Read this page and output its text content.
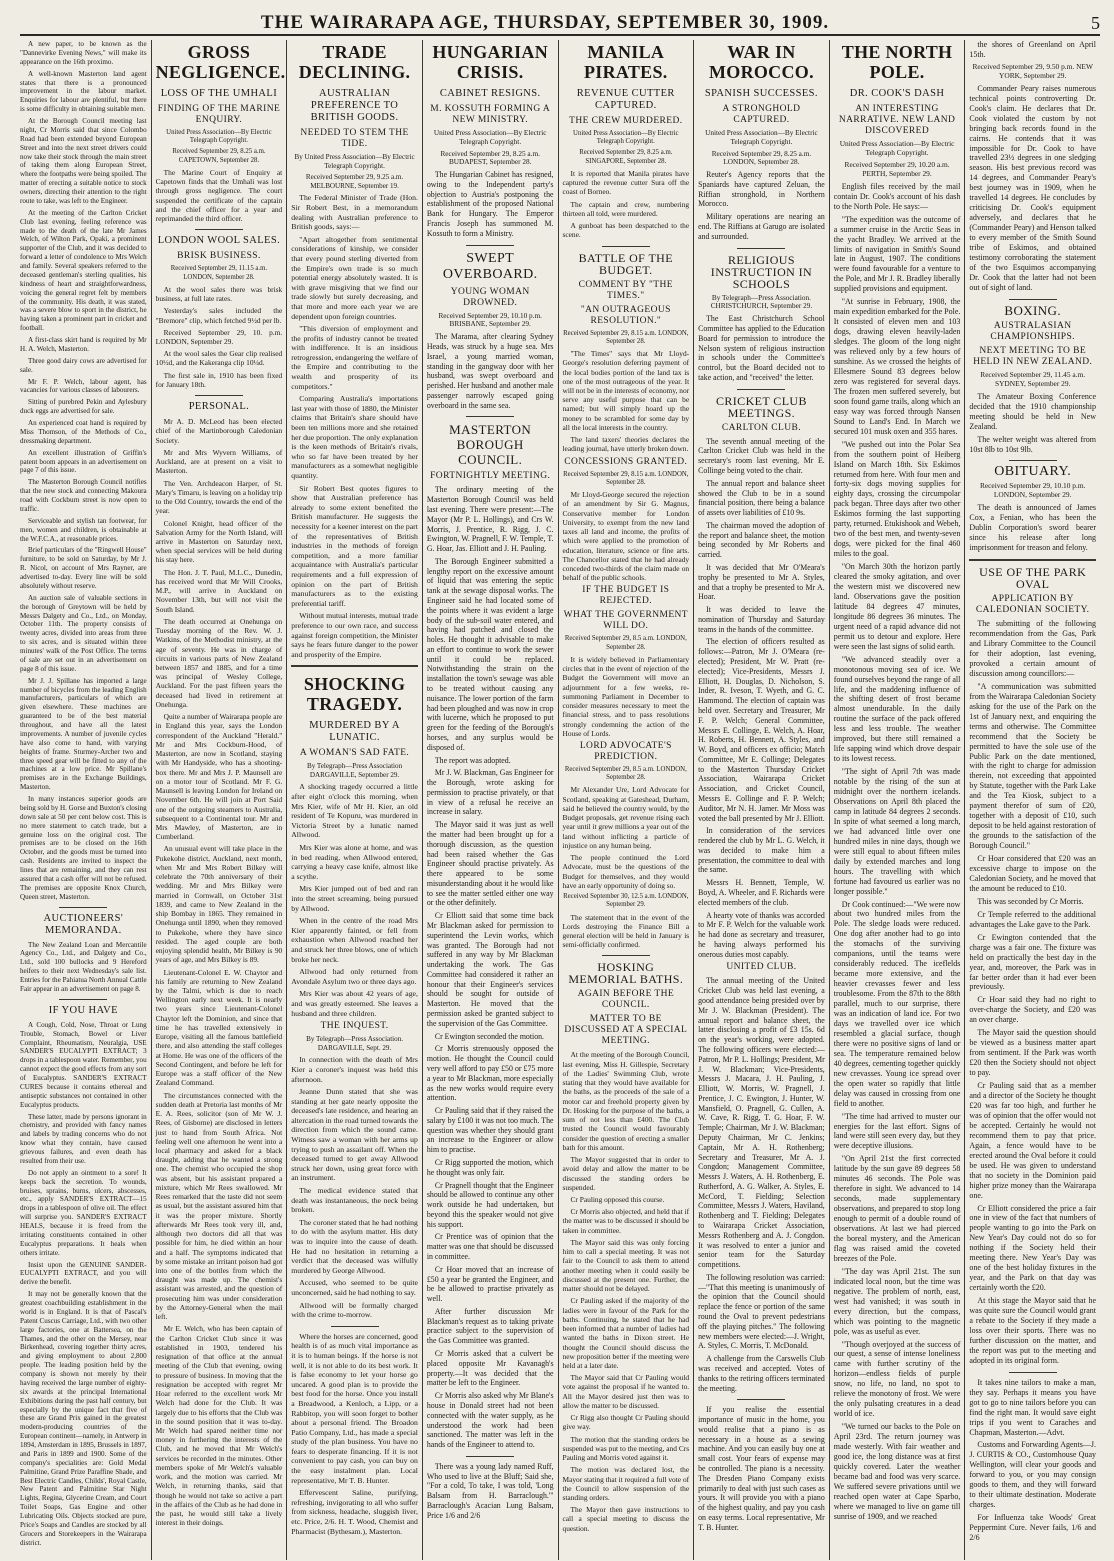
THE WAIRARAPA AGE, THURSDAY, SEPTEMBER 30, 1909.	5

A new paper, to be known as the "Dannevirke Evening News," will make its appearance on the 16th proximo.

A well-known Masterton land agent states that there is a pronounced improvement in the labour market. Enquiries for labour are plentiful, but there is some difficulty in obtaining suitable men.

At the Borough Council meeting last night, Cr Morris said that since Colombo Road had been extended beyond European Street and into the next street drivers could now take their stock through the main street of taking them along European Street, where the footpaths were being spoiled. The matter of erecting a suitable notice to stock owners, directing their attention to the right route to take, was left to the Engineer.

At the meeting of the Carlton Cricket Club last evening, feeling reference was made to the death of the late Mr James Welch, of Wilton Park, Opaki, a prominent supporter of the Club, and it was decided to forward a letter of condolence to Mrs Welch and family. Several speakers referred to the deceased gentleman's sterling qualities, his kindness of heart and straightforwardness, voicing the general regret felt by members of the community. His death, it was stated, was a severe blow to sport in the district, he having taken a prominent part in cricket and football.

A first-class skirt hand is required by Mr H. A. Welch, Masterton.

Three good dairy cows are advertised for sale.

Mr F. P. Welch, labour agent, has vacancies for various classes of labourers.

Sitting of purebred Pekin and Aylesbury duck eggs are advertised for sale.

An experienced coat hand is required by Miss Thomson, of the Methods of Co., dressmaking department.

An excellent illustration of Griffin's patent boom appears in an advertisement on page 7 of this issue.

The Masterton Borough Council notifies that the new stock and connecting Makoura road with Cockburn street is now open to traffic.

Serviceable and stylish tan footwear, for men, women and children, is obtainable at the W.F.C.A., at reasonable prices.

Brief particulars of the "Ringwell House" furniture, to be sold on Saturday, by Mr J. R. Nicol, on account of Mrs Rayner, are advertised to-day. Every line will be sold absolutely without reserve.

An auction sale of valuable sections in the borough of Greytown will be held by Messrs Dalgety and Co., Ltd., on Monday, October 11th. The property consists of twenty acres, divided into areas from three to six acres, and is situated within three minutes' walk of the Post Office. The terms of sale are set out in an advertisement on page 8 of this issue.

Mr J. J. Spillane has imported a large number of bicycles from the leading English manufacturers, particulars of which are given elsewhere. These machines are guaranteed to be of the best material throughout, and have all the latest improvements. A number of juvenile cycles have also come to hand, with varying heights of frame. Sturmey-Archer two and three speed gear will be fitted to any of the machines at a low price. Mr Spillane's premises are in the Exchange Buildings, Masterton.

In many instances superior goods are being sold by H. Gorse and Buxton's closing down sale at 50 per cent below cost. This is no mere statement to catch trade, but a genuine loss on the original cost. The premises are to be closed on the 16th October, and the goods must be turned into cash. Residents are invited to inspect the lines that are remaining, and they can rest assured that a cash offer will not be refused. The premises are opposite Knox Church, Queen street, Masterton.

AUCTIONEERS' MEMORANDA.

The New Zealand Loan and Mercantile Agency Co., Ltd., and Dalgety and Co., Ltd., sold 100 bullocks and 9 Hereford heifers to their next Wednesday's sale list. Entries for the Pahiatua North Annual Cattle Fair appear in an advertisement on page 8.

IF YOU HAVE

A Cough, Cold, Nose, Throat or Lung Trouble, Stomach, Bowel or Liver Complaint, Rheumatism, Neuralgia, USE SANDER'S EUCALYPTI EXTRACT; 3 drops in a tablespoon water. Remember, you cannot expect the good effects from any sort of Eucalyptus. SANDER'S EXTRACT CURES because it contains ethereal and antiseptic substances not contained in other Eucalyptus products.

These latter, made by persons ignorant in chemistry, and provided with fancy names and labels by trading concerns who do not know what they contain, have caused grievous failures, and even death has resulted from their use.

Do not apply an ointment to a sore! It keeps back the secretion. To wounds, bruises, sprains, burns, ulcers, abscesses, etc., apply SANDER'S EXTRACT—15 drops in a tablespoon of olive oil. The effect will surprise you. SANDER'S EXTRACT HEALS, because it is freed from the irritating constituents contained in other Eucalyptus preparations. It heals when others irritate.

Insist upon the GENUINE SANDER-EUCALYPTI EXTRACT, and you will derive the benefit.

It may not be generally known that the greatest coachbuilding establishment in the world is in England. It is that of Pascal's Patent Cuscus Carriage, Ltd., with two other large factories, one at Battersea, on the Thames, and the other on the Mersey, near Birkenhead, covering together thirty acres, and giving employment to about 2,800 people. The leading position held by the company is shown not merely by their having received the large number of eighty-six awards at the principal International Exhibitions during the past half century, but especially by the unique fact that five of these are Grand Prix gained in the greatest modern-producing countries of the European continent—namely, in Antwerp in 1894, Amsterdam in 1895, Brussels in 1897, and Paris in 1899 and 1900. Some of the company's specialities are: Gold Medal Palmitine, Grand Prize Paraffine Shade, and Best Electric Candles, Childs', Royal Castle, New Patent and Palmitine Star Night Lights, Regina, Glycerine Cream, and Court Toilet Soaps, Gas Engine and other Lubricating Oils. Objects stocked are pure, Price's Soaps and Candles are stocked by all Grocers and Storekeepers in the Wairarapa district.

GROSS NEGLIGENCE.
LOSS OF THE UMHALI
FINDING OF THE MARINE ENQUIRY.

United Press Association—By Electric Telegraph Copyright.

Received September 29, 8.25 a.m. CAPETOWN, September 28.

The Marine Court of Enquiry at Capetown finds that the Umhali was lost through gross negligence. The court suspended the certificate of the captain and the chief officer for a year and reprimanded the third officer.

LONDON WOOL SALES.
BRISK BUSINESS.

Received September 29, 11.15 a.m. LONDON, September 28.

At the wool sales there was brisk business, at full late rates.

Yesterday's sales included the "Bremore" clip, which fetched 9½d per lb.

Received September 29, 10. p.m. LONDON, September 29.

At the wool sales the Gear clip realised 10½d, and the Kakeranga clip 10¼d.

The first sale in, 1910 has been fixed for January 18th.

PERSONAL.

Mr A. D. McLeod has been elected chief of the Martinborough Caledonian Society.

Mr and Mrs Wyvern Williams, of Auckland, are at present on a visit to Masterton.

The Ven. Archdeacon Harper, of St. Mary's Timaru, is leaving on a holiday trip to the Old Country, towards the end of the year.

Colonel Knight, head officer of the Salvation Army for the North Island, will arrive in Masterton on Saturday next, when special services will be held during his stay here.

The Hon. J. T. Paul, M.L.C., Dunedin, has received word that Mr Will Crooks, M.P., will arrive in Auckland on November 13th, but will not visit the South Island.

The death occurred at Onehunga on Tuesday morning of the Rev. W. J. Watkins, of the Methodist ministry, at the age of seventy. He was in charge of circuits in various parts of New Zealand between 1857 and 1885, and for a time was principal of Wesley College, Auckland. For the past fifteen years the deceased had lived in retirement at Onehunga.

Quite a number of Wairarapa people are in England this year, says the London correspondent of the Auckland "Herald." Mr and Mrs Cockburn-Hood, of Masterton, are now in Scotland, staying with Mr Handyside, who has a shooting-box there. Mr and Mrs J. P. Maunsell are on a motor tour of Scotland. Mr F. G. Maunsell is leaving London for Ireland on November 6th. He will join at Port Said one of the outgoing steamers to Australia, subsequent to a Continental tour. Mr and Mrs Mawley, of Masterton, are in Cumberland.

An unusual event will take place in the Pukekohe district, Auckland, next month, when Mr and Mrs Robert Bilkey will celebrate the 70th anniversary of their wedding. Mr and Mrs Bilkey were married in Cornwall, on October 31st 1839, and came to New Zealand in the ship Bombay in 1865. They remained in Onehunga until 1890, when they removed to Pukekohe, where they have since resided. The aged couple are both enjoying splendid health, Mr Bilkey is 90 years of age, and Mrs Bilkey is 89.

Lieutenant-Colonel E. W. Chaytor and his family are returning to New Zealand by the Talmi, which is due to reach Wellington early next week. It is nearly two years since Lieutenant-Colonel Chaytor left the Dominion, and since that time he has travelled extensively in Europe, visiting all the famous battlefield there, and also attending the staff colleges at Home. He was one of the officers of the Second Contingent, and before he left for Europe was a staff officer of the New Zealand Command.

The circumstances connected with the sudden death at Pretoria last months of Mr E. A. Rees, solicitor (son of Mr W. J. Rees, of Gisborne) are disclosed in letters just to hand from South Africa. Not feeling well one afternoon he went into a local pharmacy and asked for a black draught, adding that he wanted a strong one. The chemist who occupied the shop was absent, but his assistant prepared a mixture, which Mr Rees swallowed. Mr Rees remarked that the taste did not seem as usual, but the assistant assured him that it was the proper mixture. Shortly afterwards Mr Rees took very ill, and, although two doctors did all that was possible for him, he died within an hour and a half. The symptoms indicated that by some mistake an irritant poison had got into one of the bottles from which the draught was made up. The chemist's assistant was arrested, and the question of prosecuting him was under consideration by the Attorney-General when the mail left.

Mr E. Welch, who has been captain of the Carlton Cricket Club since it was established in 1903, tendered his resignation of that office at the annual meeting of the Club that evening, owing to pressure of business. In moving that the resignation be accepted with regret Mr Hoar referred to the excellent work Mr Welch had done for the Club. It was largely due to his efforts that the Club was in the sound position that it was to-day. Mr Welch had spared neither time nor money in furthering the interests of the Club, and he moved that Mr Welch's services be recorded in the minutes. Other members spoke of Mr Welch's valuable work, and the motion was carried. Mr Welch, in returning thanks, said that though he would not take so active a part in the affairs of the Club as he had done in the past, he would still take a lively interest in their doings.

TRADE DECLINING.
AUSTRALIAN PREFERENCE TO BRITISH GOODS.
NEEDED TO STEM THE TIDE.

By United Press Association—By Electric Telegraph Copyright.

Received September 29, 9.25 a.m. MELBOURNE, September 19.

The Federal Minister of Trade (Hon. Sir Robert Best, in a memorandum dealing with Australian preference to British goods, says:—

"Apart altogether from sentimental considerations of kinship, we consider that every pound sterling diverted from the Empire's own trade is so much potential energy absolutely wasted. It is with grave misgiving that we find our trade slowly but surely decreasing, and that more and more each year we are dependent upon foreign countries.

"This diversion of employment and the profits of industry cannot be treated with indifference. It is an insidious retrogression, endangering the welfare of the Empire and contributing to the wealth and prosperity of its competitors."

Comparing Australia's importations last year with those of 1880, the Minister claims that Britain's share should have been ten millions more and she retained her due proportion. The only explanation is the keen methods of Britain's rivals, who so far have been treated by her manufacturers as a somewhat negligible quantity.

Sir Robert Best quotes figures to show that Australian preference has already to some extent benefited the British manufacturer. He suggests the necessity for a keener interest on the part of the representatives of British industries in the methods of foreign competition, and a more familiar acquaintance with Australia's particular requirements and a full expression of opinion on the part of British manufacturers as to the existing preferential tariff.

Without mutual interests, mutual trade preference to our own race, and success against foreign competition, the Minister says he fears future danger to the power and prosperity of the Empire.

SHOCKING TRAGEDY.
MURDERED BY A LUNATIC.
A WOMAN'S SAD FATE.

By Telegraph—Press Association DARGAVILLE, September 29.

A shocking tragedy occurred a little after eight o'clock this morning, when Mrs Kier, wife of Mr H. Kier, an old resident of Te Kopuru, was murdered in Victoria Street by a lunatic named Allwood.

Mrs Kier was alone at home, and was in bed reading, when Allwood entered, carrying a heavy case knife, almost like a scythe.

Mrs Kier jumped out of bed and ran into the street screaming, being pursued by Allwood.

When in the centre of the road Mrs Kier apparently fainted, or fell from exhaustion when Allwood reached her and struck her three blows, one of which broke her neck.

Allwood had only returned from Avondale Asylum two or three days ago.

Mrs Kier was about 42 years of age, and was greatly esteemed. She leaves a husband and three children.

THE INQUEST.

By Telegraph—Press Association. DARGAVILLE, Sept. 29.

In connection with the death of Mrs Kier a coroner's inquest was held this afternoon.

Jeanne Dunn stated that she was standing at her gate nearly opposite the deceased's late residence, and hearing an altercation in the road turned towards the direction from which the sound came. Witness saw a woman with her arms up trying to push an assailant off. When the deceased turned to get away Allwood struck her down, using great force with an instrument.

The medical evidence stated that death was instantaneous, the neck being broken.

The coroner stated that he had nothing to do with the asylum matter. His duty was to inquire into the cause of death. He had no hesitation in returning a verdict that the deceased was wilfully murdered by George Allwood.

Accused, who seemed to be quite unconcerned, said he had nothing to say.

Allwood will be formally charged with the crime to-morrow.

Where the horses are concerned, good health is of as much vital importance as it is to human beings. If the horse is not well, it is not able to do its best work. It is false economy to let your horse go uncared. A good plan is to provide the best food for the horse. Once you install a Breadwood, a Kenloch, a Lipp, or a Rabbitop, you will soon forget to bother about a personal friend. The Broadon Patio Company, Ltd., has made a special study of the plan business. You have no fears to desperate financing. If it is not convenient to pay cash, you can buy on the easy instalment plan. Local representative, Mr T. B. Hunter.

Effervescent Saline, purifying, refreshing, invigorating to all who suffer from sickness, headache, sluggish liver, etc. Price, 2/6. H. T. Wood, Chemist and Pharmacist (Bythesam.), Masterton.

HUNGARIAN CRISIS.
CABINET RESIGNS.
M. KOSSUTH FORMING A NEW MINISTRY.

United Press Association—By Electric Telegraph Copyright.

Received September 29, 8.25 a.m. BUDAPEST, September 28.

The Hungarian Cabinet has resigned, owing to the Independent party's objection to Austria's postponing the establishment of the proposed National Bank for Hungary. The Emperor Francis Joseph has summoned M. Kossuth to form a Ministry.

SWEPT OVERBOARD.
YOUNG WOMAN DROWNED.

Received September 29, 10.10 p.m. BRISBANE, September 29.

The Marama, after clearing Sydney Heads, was struck by a huge sea. Mrs Israel, a young married woman, standing in the gangway door with her husband, was swept overboard and perished. Her husband and another male passenger narrowly escaped going overboard in the same sea.

MASTERTON BOROUGH COUNCIL.
FORTNIGHTLY MEETING.

The ordinary meeting of the Masterton Borough Council was held last evening. There were present:—The Mayor (Mr P. L. Hollings), and Crs W. Morris, J. Prentice, R. Rigg, J. C. Ewington, W. Pragnell, F. W. Temple, T. G. Hoar, Jas. Elliott and J. H. Pauling.

The Borough Engineer submitted a lengthy report on the excessive amount of liquid that was entering the septic tank at the sewage disposal works. The Engineer said he had located some of the points where it was evident a large body of the sub-soil water entered, and having had patched and closed the holes. He thought it advisable to make an effort to continue to work the sewer until it could be replaced. Notwithstanding the strain on the installation the town's sewage was able to be treated without causing any nuisance. The lower portion of the farm had been ploughed and was now in crop with lucerne, which he proposed to put green for the feeding of the Borough's horses, and any surplus would be disposed of.

The report was adopted.

Mr J. W. Blackman, Gas Engineer for the Borough, wrote asking for permission to practise privately, or that in view of a refusal he receive an increase in salary.

The Mayor said it was just as well the matter had been brought up for a thorough discussion, as the question had been raised whether the Gas Engineer should practise privately. As there appeared to be some misunderstanding about it he would like to see the matter settled either one way or the other definitely.

Cr Elliott said that some time back Mr Blackman asked for permission to superintend the Levin works, which was granted. The Borough had not suffered in any way by Mr Blackman undertaking the work. The Gas Committee had considered it rather an honour that their Engineer's services should be sought for outside of Masterton. He moved that the permission asked be granted subject to the supervision of the Gas Committee.

Cr Ewington seconded the motion.

Cr Morris strenuously opposed the motion. He thought the Council could very well afford to pay £50 or £75 more a year to Mr Blackman, more especially as the new works would require every attention.

Cr Pauling said that if they raised the salary by £100 it was not too much. The question was whether they should grant an increase to the Engineer or allow him to practise.

Cr Rigg supported the motion, which he thought was only fair.

Cr Pragnell thought that the Engineer should be allowed to continue any other work outside he had undertaken, but beyond this the speaker would not give his support.

Cr Prentice was of opinion that the matter was one that should be discussed in committee.

Cr Hoar moved that an increase of £50 a year be granted the Engineer, and be be allowed to practise privately as well.

After further discussion Mr Blackman's request as to taking private practice subject to the supervision of the Gas Committee was granted.

Cr Morris asked that a culvert be placed opposite Mr Kavanagh's property.—It was decided that the matter be left to the Engineer.

Cr Morris also asked why Mr Blane's house in Donald street had not been connected with the water supply, as he understood the work had been sanctioned. The matter was left in the hands of the Engineer to attend to.

There was a young lady named Ruff, Who used to live at the Bluff; Said she, "For a cold, To take, I was told, 'Long Balsam from H. Barraclough.'" Barraclough's Acacian Lung Balsam, Price 1/6 and 2/6

MANILA PIRATES.
REVENUE CUTTER CAPTURED.
THE CREW MURDERED.

United Press Association—By Electric Telegraph Copyright.

Received September 29, 8.25 a.m. SINGAPORE, September 28.

It is reported that Manila pirates have captured the revenue cutter Sura off the coast of Borneo.

The captain and crew, numbering thirteen all told, were murdered.

A gunboat has been despatched to the scene.

BATTLE OF THE BUDGET.
COMMENT BY "THE TIMES."
"AN OUTRAGEOUS RESOLUTION."

Received September 29, 8.15 a.m. LONDON, September 28.

"The Times" says that Mr Lloyd-George's resolution deferring payment of the local bodies portion of the land tax is one of the most outrageous of the year. It will not be in the interests of economy, nor serve any useful purpose that can be named; but will simply hoard up the money to be scrambled for some day by all the local interests in the country.

The land taxers' theories declares the leading journal, have utterly broken down.

CONCESSIONS GRANTED.

Received September 29, 8.15 a.m. LONDON, September 28.

Mr Lloyd-George secured the rejection of an amendment by Sir G. Magnus, Conservative member for London University, to exempt from the new land taxes all land and income, the profits of which were applied to the promotion of education, literature, science or fine arts. The Chancellor stated that he had already conceded two-thirds of the claim made on behalf of the public schools.

IF THE BUDGET IS REJECTED.
WHAT THE GOVERNMENT WILL DO.

Received September 29, 8.5 a.m. LONDON, September 28.

It is widely believed in Parliamentary circles that in the event of rejection of the Budget the Government will move an adjournment for a few weeks, re-summoning Parliament in December to consider measures necessary to meet the financial stress, and to pass resolutions strongly condemning the action of the House of Lords.

LORD ADVOCATE'S PREDICTION.

Received September 29, 8.5 a.m. LONDON, September 28.

Mr Alexander Ure, Lord Advocate for Scotland, speaking at Gateshead, Durham, said he believed the country would, by the Budget proposals, get revenue rising each year until it grew millions a year out of the land without inflicting a particle of injustice on any human being.

The people continued the Lord Advocate, must be the questions of the Budget for themselves, and they would have an early opportunity of doing so.

Received September 30, 12.5 a.m. LONDON, September 29.

The statement that in the event of the Lords destroying the Finance Bill a general election will be held in January is semi-officially confirmed.

HOSKING MEMORIAL BATHS.
AGAIN BEFORE THE COUNCIL.
MATTER TO BE DISCUSSED AT A SPECIAL MEETING.

At the meeting of the Borough Council, last evening, Miss H. Gillespie, Secretary of the Ladies' Swimming Club, wrote stating that they would have available for the baths, as the proceeds of the sale of a motor car and freehold property given by Dr. Hosking for the purpose of the baths, a sum of not less than £400. The Club trusted the Council would favourably consider the question of erecting a smaller bath for this amount.

The Mayor suggested that in order to avoid delay and allow the matter to be discussed the standing orders be suspended.

Cr Pauling opposed this course.

Cr Morris also objected, and held that if the matter was to be discussed it should be taken in committee.

The Mayor said this was only forcing him to call a special meeting. It was not fair to the Council to ask them to attend another meeting when it could easily be discussed at the present one. Further, the matter should not be delayed.

Cr Pauling asked if the majority of the ladies were in favour of the Park for the baths. Continuing, he stated that he had been informed that a number of ladies had wanted the baths in Dixon street. He thought the Council should discuss the new proposition better if the meeting were held at a later date.

The Mayor said that Cr Pauling would vote against the proposal if he wanted to. All the Mayor desired just then was to allow the matter to be discussed.

Cr Rigg also thought Cr Pauling should give way.

The motion that the standing orders be suspended was put to the meeting, and Crs Pauling and Morris voted against it.

The motion was declared lost, the Mayor stating that it required a full vote of the Council to allow suspension of the standing orders.

The Mayor then gave instructions to call a special meeting to discuss the question.

WAR IN MOROCCO.
SPANISH SUCCESSES.
A STRONGHOLD CAPTURED.

United Press Association—By Electric Telegraph Copyright.

Received September 29, 8.25 a.m. LONDON, September 28.

Reuter's Agency reports that the Spaniards have captured Zeluan, the Riffian stronghold, in Northern Morocco.

Military operations are nearing an end. The Riffians at Garugo are isolated and surrounded.

RELIGIOUS INSTRUCTION IN SCHOOLS

By Telegraph—Press Association. CHRISTCHURCH, September 29.

The East Christchurch School Committee has applied to the Education Board for permission to introduce the Nelson system of religious instruction in schools under the Committee's control, but the Board decided not to take action, and "received" the letter.

CRICKET CLUB MEETINGS.
CARLTON CLUB.

The seventh annual meeting of the Carlton Cricket Club was held in the secretary's room last evening, Mr E. Collinge being voted to the chair.

The annual report and balance sheet showed the Club to be in a sound financial position, there being a balance of assets over liabilities of £10 9s.

The chairman moved the adoption of the report and balance sheet, the motion being seconded by Mr Roberts and carried.

It was decided that Mr O'Meara's trophy be presented to Mr A. Styles, and that a trophy be presented to Mr A. Hoar.

It was decided to leave the nomination of Thursday and Saturday teams in the hands of the committee.

The election of officers resulted as follows:—Patron, Mr J. O'Meara (re-elected); President, Mr W. Pratt (re-elected); Vice-Presidents, Messrs J. Elliott, H. Douglas, D. Nicholson, S. Inder, R. Iveson, T. Wyeth, and G. C. Hammond. The election of captain was held over. Secretary and Treasurer, Mr F. P. Welch; General Committee, Messrs E. Collinge, E. Welch, A. Hoar, H. Roberts, H. Bennett, A. Styles, and W. Boyd, and officers ex officio; Match Committee, Mr E. Collinge; Delegates to the Masterton Thursday Cricket Association, Wairarapa Cricket Association, and Cricket Council, Messrs E. Collinge and F. P. Welch; Auditor, Mr N. H. Jamer. Mr Moss was voted the ball presented by Mr J. Elliott.

In consideration of the services rendered the club by Mr L. G. Welch, it was decided to make him a presentation, the committee to deal with the same.

Messrs H. Bennett, Temple, W. Boyd, A. Wheeler, and F. Richards were elected members of the club.

A hearty vote of thanks was accorded to Mr F. P. Welch for the valuable work he had done as secretary and treasurer, he having always performed his onerous duties most capably.

UNITED CLUB.

The annual meeting of the United Cricket Club was held last evening, a good attendance being presided over by Mr J. W. Blackman (President). The annual report and balance sheet, the latter disclosing a profit of £3 15s. 6d on the year's working, were adopted. The following officers were elected:—Patron, Mr P. L. Hollings; President, Mr J. W. Blackman; Vice-Presidents, Messrs J. Macara, J. H. Pauling, J. Elliott, W. Morris, W. Pragnell, J. Prentice, J. C. Ewington, J. Hunter, W. Mansfield, O. Pragnell, G. Cullen, A. W. Cave, R. Rigg, T. G. Hoar, F. W. Temple; Chairman, Mr J. W. Blackman; Deputy Chairman, Mr C. Jenkins; Captain, Mr A. H. Rothenberg; Secretary and Treasurer, Mr A. J. Congdon; Management Committee, Messrs J. Waters, A. H. Rothenberg, E. Rutherford, A. G. Walker, A. Styles, E. McCord, T. Fielding; Selection Committee, Messrs J. Waters, Haviland, Rothenberg and T. Fielding; Delegates to Wairarapa Cricket Association, Messrs Rothenberg and A. J. Congdon. It was resolved to enter a junior and senior team for the Saturday competitions.

The following resolution was carried:—"That this meeting is unanimously of the opinion that the Council should replace the fence or portion of the same round the Oval to prevent pedestrians off the playing pitches." The following new members were elected:—J. Wright, A. Styles, C. Morris, T. McDonald.

A challenge from the Carswells Club was received and accepted. Votes of thanks to the retiring officers terminated the meeting.

If you realise the essential importance of music in the home, you would realise that a piano is as necessary in a house as a sewing machine. And you can easily buy one at small cost. Your fears of expense may be controlled. The piano is a necessity. The Dresden Piano Company exists primarily to deal with just such cases as yours. It will provide you with a piano of the highest quality, and pay you cash on easy terms. Local representative, Mr T. B. Hunter.

THE NORTH POLE.
DR. COOK'S DASH
AN INTERESTING NARRATIVE. NEW LAND DISCOVERED

United Press Association—By Electric Telegraph Copyright.

Received September 29, 10.20 a.m. PERTH, September 29.

English files received by the mail contain Dr. Cook's account of his dash to the North Pole. He says:—

"The expedition was the outcome of a summer cruise in the Arctic Seas in the yacht Bradley. We arrived at the limits of navigation in Smith's Sound late in August, 1907. The conditions were found favourable for a venture to the Pole, and Mr J. R. Bradley liberally supplied provisions and equipment.

"At sunrise in February, 1908, the main expedition embarked for the Pole. It consisted of eleven men and 103 dogs, drawing eleven heavily-laden sledges. The gloom of the long night was relieved only by a few hours of sunshine. As we crossed the heights of Ellesmere Sound 83 degrees below zero was registered for several days. The frozen men suffered severely, but soon found game trails, along which an easy way was forced through Nansen Sound to Land's End. In March we secured 101 musk oxen and 355 hares.

"We pushed out into the Polar Sea from the southern point of Heiberg Island on March 18th. Six Eskimos returned from here. With four men and forty-six dogs moving supplies for eighty days, crossing the circumpolar pack began. Three days after two other Eskimos forming the last supporting party, returned. Etukishook and Webeh, two of the best men, and twenty-seven dogs, were picked for the final 460 miles to the goal.

"On March 30th the horizon partly cleared the smoky agitation, and over the western mist we discovered new land. Observations gave the position latitude 84 degrees 47 minutes, longitude 86 degrees 36 minutes. The urgent need of a rapid advance did not permit us to detour and explore. Here were seen the last signs of solid earth.

"We advanced steadily over a monotonous moving sea of ice. We found ourselves beyond the range of all life, and the maddening influence of the shifting desert of frost became almost unendurable. In the daily routine the surface of the pack offered less and less trouble. The weather improved, but there still remained a life sapping wind which drove despair to its lowest recess.

"The sight of April 7th was made notable by the rising of the sun at midnight over the northern icelands. Observations on April 8th placed the camp in latitude 84 degrees 2 seconds. In spite of what seemed a long march, we had advanced little over one hundred miles in nine days, though we were still equal to about fifteen miles daily by extended marches and long hours. The travelling with which fortune had favoured us earlier was no longer possible."

Dr Cook continued:—"We were now about two hundred miles from the Pole. The sledge loads were reduced. One dog after another had to go into the stomachs of the surviving companions, until the teams were considerably reduced. The iceflelds became more extensive, and the heavier crevasses fewer and less troublesome. From the 87th to the 88th parallel, much to our surprise, there was an indication of land ice. For two days we travelled over ice which resembled a glacial surface, though there were no positive signs of land or sea. The temperature remained below 40 degrees, cementing together quickly new crevasses. Young ice spread over the open water so rapidly that little delay was caused in crossing from one field to another.

"The time had arrived to muster our energies for the last effort. Signs of land were still seen every day, but they were deceptive illusions.

"On April 21st the first corrected latitude by the sun gave 89 degrees 58 minutes 46 seconds. The Pole was therefore in sight. We advanced to 14 seconds, made supplementary observations, and prepared to stop long enough to permit of a double round of observations. At last we had pierced the boreal mystery, and the American flag was raised amid the coveted breezes of the Pole.

"The day was April 21st. The sun indicated local noon, but the time was negative. The problem of north, east, west had vanished; it was south in every direction, but the compass, which was pointing to the magnetic pole, was as useful as ever.

"Though overjoyed at the success of our quest, a sense of intense loneliness came with further scrutiny of the horizon—endless fields of purple snow, no life, no land, no spot to relieve the monotony of frost. We were the only pulsating creatures in a dead world of ice.

"We turned our backs to the Pole on April 23rd. The return journey was made westerly. With fair weather and good ice, the long distance was at first quickly covered. Later the weather became bad and food was very scarce. We suffered severe privations until we reached open water at Cape Sparbo, where we managed to live on game till sunrise of 1909, and we reached

the shores of Greenland on April 15th.

Received September 29, 9.50 p.m. NEW YORK, September 29.

Commander Peary raises numerous technical points controverting Dr. Cook's claim. He declares that Dr. Cook violated the custom by not bringing back records found in the cairns. He contends that it was impossible for Dr. Cook to have travelled 23½ degrees in one sledging season. His best previous record was 14 degrees, and Commander Peary's best journey was in 1909, when he travelled 14 degrees. He concludes by criticising Dr. Cook's equipment adversely, and declares that he (Commander Peary) and Henson talked to every member of the Smith Sound tribe of Eskimos, and obtained testimony corroborating the statement of the two Esquimos accompanying Dr. Cook that the latter had not been out of sight of land.

BOXING.
AUSTRALASIAN CHAMPIONSHIPS.
NEXT MEETING TO BE HELD IN NEW ZEALAND.

Received September 29, 11.45 a.m. SYDNEY, September 29.

The Amateur Boxing Conference decided that the 1910 championship meeting should be held in New Zealand.

The welter weight was altered from 10st 8lb to 10st 9lb.

OBITUARY.

Received September 29, 10.10 p.m. LONDON, September 29.

The death is announced of James Cox, a Fenian, who has been the Dublin Corporation's sword bearer since his release after long imprisonment for treason and felony.

USE OF THE PARK OVAL
APPLICATION BY CALEDONIAN SOCIETY.

The submitting of the following recommendation from the Gas, Park and Library Committee to the Council for their adoption, last evening, provoked a certain amount of discussion among councillors:—

"A communication was submitted from the Wairarapa Caledonian Society asking for the use of the Park on the 1st of January next, and enquiring the terms and otherwise. The Committee recommend that the Society be permitted to have the sole use of the Public Park on the date mentioned, with the right to charge for admission therein, not exceeding that appointed by Statute, together with the Park Lake and the Tea Kiosk, subject to a payment therefor of sum of £20, together with a deposit of £10, such deposit to be held against restoration of the grounds to the satisfaction of the Borough Council."

Cr Hoar considered that £20 was an excessive charge to impose on the Caledonian Society, and he moved that the amount be reduced to £10.

This was seconded by Cr Morris.

Cr Temple referred to the additional advantages the Lake gave to the Park.

Cr Ewington contended that the charge was a fair one. The fixture was held on practically the best day in the year, and, moreover, the Park was in far better order than it had ever been previously.

Cr Hoar said they had no right to over-charge the Society, and £20 was an over charge.

The Mayor said the question should be viewed as a business matter apart from sentiment. If the Park was worth £20 then the Society should not object to pay.

Cr Pauling said that as a member and a director of the Society he thought £20 was far too high, and further he was of opinion that the offer would not be accepted. Certainly he would not recommend them to pay that price. Again, a fence would have to be erected around the Oval before it could be used. He was given to understand that no society in the Dominion paid higher prize money than the Wairarapa one.

Cr Elliott considered the price a fair one in view of the fact that numbers of people wanting to go into the Park on New Year's Day could not do so for nothing if the Society held their meeting there. New Year's Day was one of the best holiday fixtures in the year, and the Park on that day was certainly worth the £20.

At this stage the Mayor said that he was quite sure the Council would grant a rebate to the Society if they made a loss over their sports. There was no further discussion on the matter, and the report was put to the meeting and adopted in its original form.

It takes nine tailors to make a man, they say. Perhaps it means you have got to go to nine tailors before you can find the right man. It would save eight trips if you went to Caraches and Chapman, Masterton.—Advt.

Customs and Forwarding Agents—J. J. CURTIS & CO., Customhouse Quay Wellington, will clear your goods and forward to you, or you may consign goods to them, and they will forward to their ultimate destination. Moderate charges.

For Influenza take Woods' Great Peppermint Cure. Never fails, 1/6 and 2/6
